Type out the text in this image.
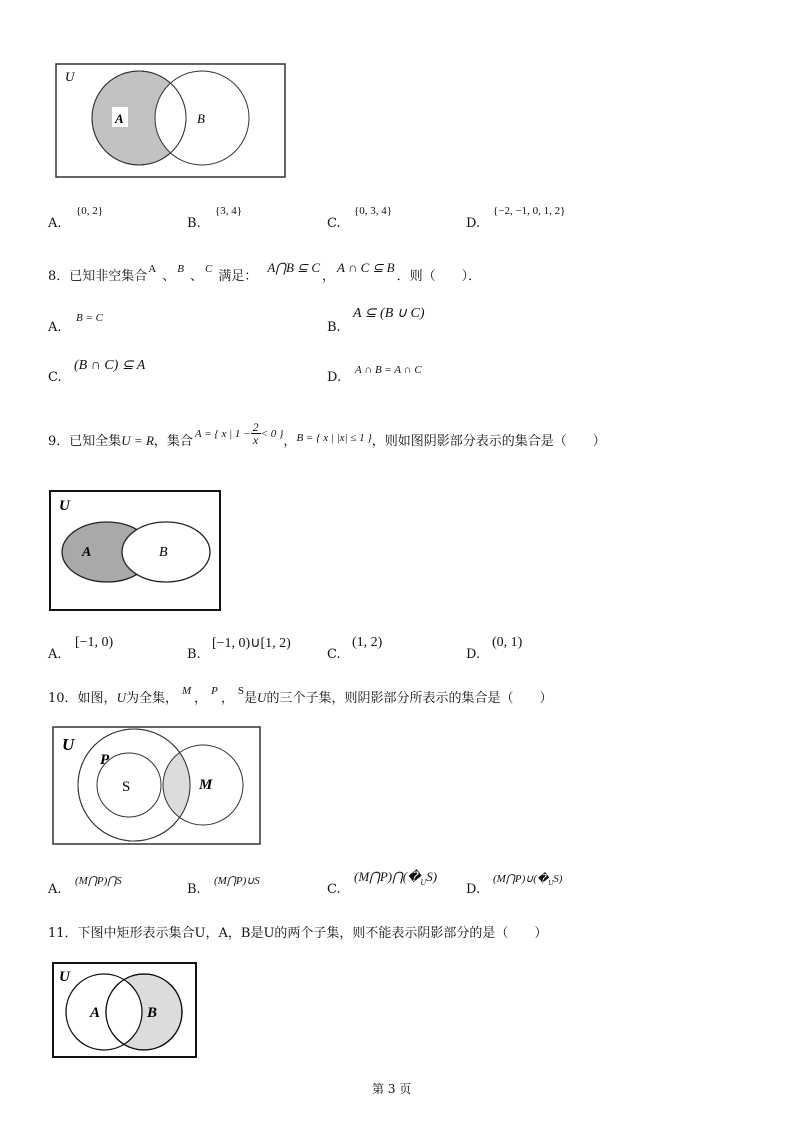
U
A	B
A.
{0, 2}
B.
{3, 4}
C.
{0, 3, 4}
D.
{−2, −1, 0, 1, 2}
8．已知非空集合$^A$ 、 $^B$ 、 $^C$ 满足：A⋂B ⊆ C，A ∩ C ⊆ B．则（　　）．
A.
B = C
B.
A ⊆ (B ∪ C)
C.
(B ∩ C) ⊆ A
D. A ∩ B = A ∩ C
9．已知全集U = R，集合 $_{A = \{ x | 1 -} \frac{2}{x} _{< 0 \}}$，$_{B = \{ x | |x| \le 1 \}}$，则如图阴影部分表示的集合是（　　）
U
A	B
A.
[−1, 0)
B.
[−1, 0)∪[1, 2)
C.
(1, 2)
D.
(0, 1)
10．如图，U为全集， $^M$ ， $^P$ ， $^S$是U的三个子集，则阴影部分所表示的集合是（　　）
U
P
S	M
A.
(M⋂P)⋂S
B.
(M⋂P)∪S
C.
$(M⋂P)⋂(�_US)$
D.
$(M⋂P)\cup(�_US)$
11．下图中矩形表示集合U，A，B是U的两个子集，则不能表示阴影部分的是（　　）
U
A	B
第 3 页
